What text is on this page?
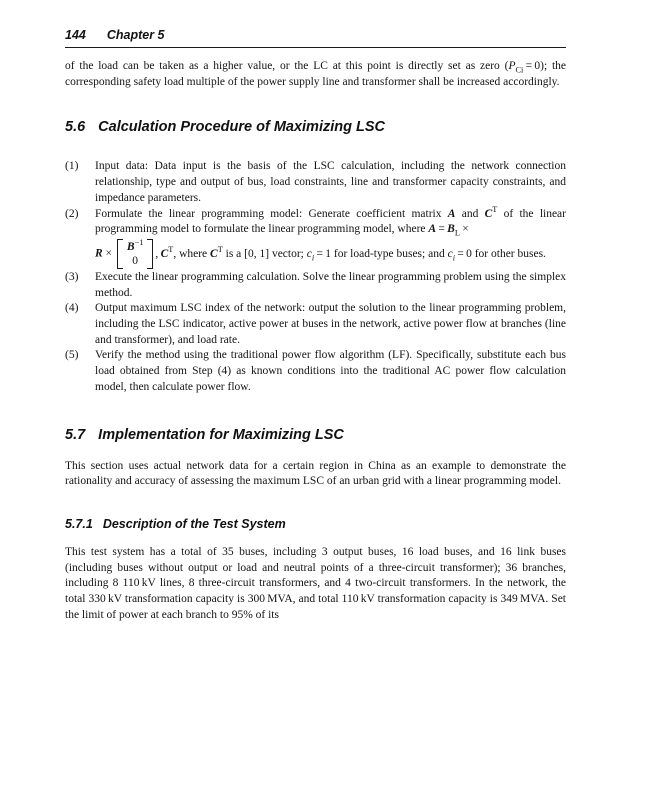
144 Chapter 5

of the load can be taken as a higher value, or the LC at this point is directly set as zero $(P_{Ci} = 0)$; the corresponding safety load multiple of the power supply line and transformer shall be increased accordingly.

5.6 Calculation Procedure of Maximizing LSC
(1)	Input data: Data input is the basis of the LSC calculation, including the network connection relationship, type and output of bus, load constraints, line and transformer capacity constraints, and impedance parameters.
(2)	Formulate the linear programming model: Generate coefficient matrix A and $C^T$ of the linear programming model to formulate the linear programming model, where $A = B_L$ ×
R ×
$B^{-1}$
0
, $C^T$, where $C^T$ is a [0, 1] vector; $c_i = 1$ for load-type buses; and $c_i = 0$ for other buses.
(3)	Execute the linear programming calculation. Solve the linear programming problem using the simplex method.
(4)	Output maximum LSC index of the network: output the solution to the linear programming problem, including the LSC indicator, active power at buses in the network, active power flow at branches (line and transformer), and load rate.
(5)	Verify the method using the traditional power flow algorithm (LF). Specifically, substitute each bus load obtained from Step (4) as known conditions into the traditional AC power flow calculation model, then calculate power flow.
5.7 Implementation for Maximizing LSC

This section uses actual network data for a certain region in China as an example to demonstrate the rationality and accuracy of assessing the maximum LSC of an urban grid with a linear programming model.

5.7.1 Description of the Test System

This test system has a total of 35 buses, including 3 output buses, 16 load buses, and 16 link buses (including buses without output or load and neutral points of a three-circuit transformer); 36 branches, including 8 110 kV lines, 8 three-circuit transformers, and 4 two-circuit transformers. In the network, the total 330 kV transformation capacity is 300 MVA, and total 110 kV transformation capacity is 349 MVA. Set the limit of power at each branch to 95% of its
